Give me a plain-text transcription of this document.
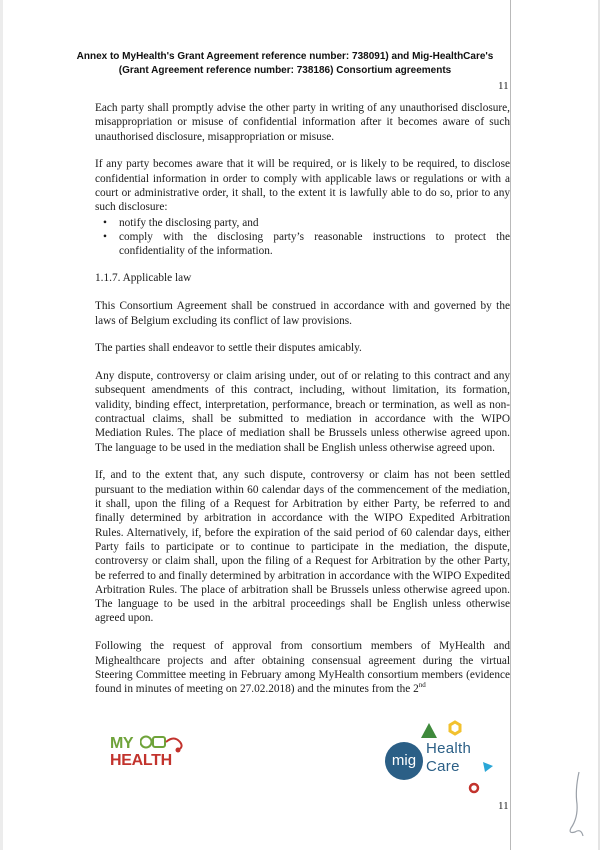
Annex to MyHealth's Grant Agreement reference number: 738091) and Mig-HealthCare's
(Grant Agreement reference number: 738186) Consortium agreements
11

Each party shall promptly advise the other party in writing of any unauthorised disclosure, misappropriation or misuse of confidential information after it becomes aware of such unauthorised disclosure, misappropriation or misuse.

If any party becomes aware that it will be required, or is likely to be required, to disclose confidential information in order to comply with applicable laws or regulations or with a court or administrative order, it shall, to the extent it is lawfully able to do so, prior to any such disclosure:

• notify the disclosing party, and
• comply with the disclosing party’s reasonable instructions to protect the confidentiality of the information.
1.1.7. Applicable law

This Consortium Agreement shall be construed in accordance with and governed by the laws of Belgium excluding its conflict of law provisions.

The parties shall endeavor to settle their disputes amicably.

Any dispute, controversy or claim arising under, out of or relating to this contract and any subsequent amendments of this contract, including, without limitation, its formation, validity, binding effect, interpretation, performance, breach or termination, as well as non-contractual claims, shall be submitted to mediation in accordance with the WIPO Mediation Rules. The place of mediation shall be Brussels unless otherwise agreed upon. The language to be used in the mediation shall be English unless otherwise agreed upon.

If, and to the extent that, any such dispute, controversy or claim has not been settled pursuant to the mediation within 60 calendar days of the commencement of the mediation, it shall, upon the filing of a Request for Arbitration by either Party, be referred to and finally determined by arbitration in accordance with the WIPO Expedited Arbitration Rules. Alternatively, if, before the expiration of the said period of 60 calendar days, either Party fails to participate or to continue to participate in the mediation, the dispute, controversy or claim shall, upon the filing of a Request for Arbitration by the other Party, be referred to and finally determined by arbitration in accordance with the WIPO Expedited Arbitration Rules. The place of arbitration shall be Brussels unless otherwise agreed upon. The language to be used in the arbitral proceedings shall be English unless otherwise agreed upon.

Following the request of approval from consortium members of MyHealth and Mighealthcare projects and after obtaining consensual agreement during the virtual Steering Committee meeting in February among MyHealth consortium members (evidence found in minutes of meeting on 27.02.2018) and the minutes from the 2nd

MY
HEALTH	mig
Health
Care
11
